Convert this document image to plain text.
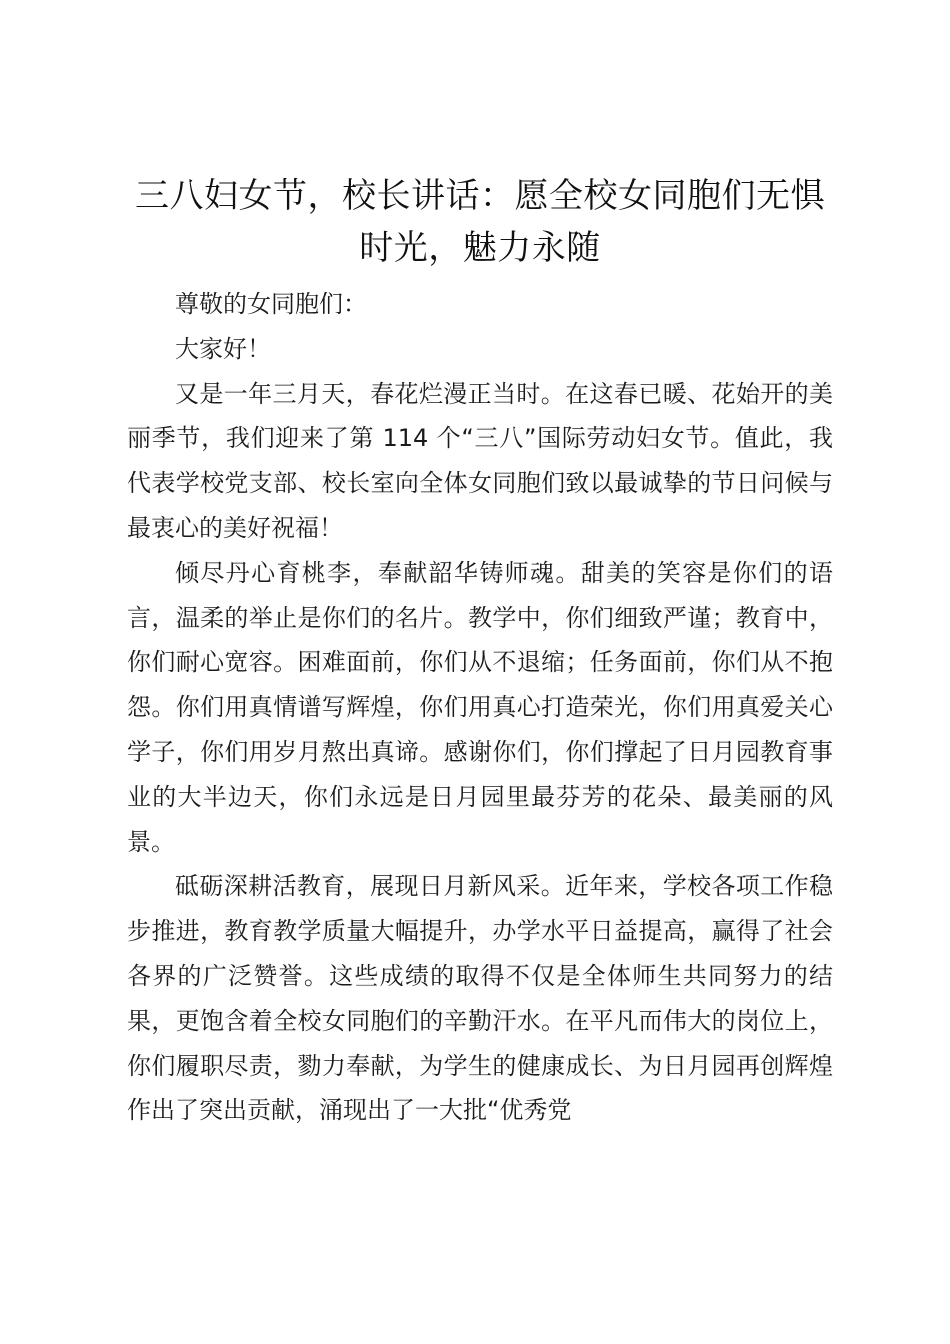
三八妇女节，校长讲话：愿全校女同胞们无惧时光，魅力永随

尊敬的女同胞们：

大家好！

又是一年三月天，春花烂漫正当时。在这春已暖、花始开的美丽季节，我们迎来了第 114 个“三八”国际劳动妇女节。值此，我代表学校党支部、校长室向全体女同胞们致以最诚挚的节日问候与最衷心的美好祝福！

倾尽丹心育桃李，奉献韶华铸师魂。甜美的笑容是你们的语言，温柔的举止是你们的名片。教学中，你们细致严谨；教育中，你们耐心宽容。困难面前，你们从不退缩；任务面前，你们从不抱怨。你们用真情谱写辉煌，你们用真心打造荣光，你们用真爱关心学子，你们用岁月熬出真谛。感谢你们，你们撑起了日月园教育事业的大半边天，你们永远是日月园里最芬芳的花朵、最美丽的风景。

砥砺深耕活教育，展现日月新风采。近年来，学校各项工作稳步推进，教育教学质量大幅提升，办学水平日益提高，赢得了社会各界的广泛赞誉。这些成绩的取得不仅是全体师生共同努力的结果，更饱含着全校女同胞们的辛勤汗水。在平凡而伟大的岗位上，你们履职尽责，勠力奉献，为学生的健康成长、为日月园再创辉煌作出了突出贡献，涌现出了一大批“优秀党
